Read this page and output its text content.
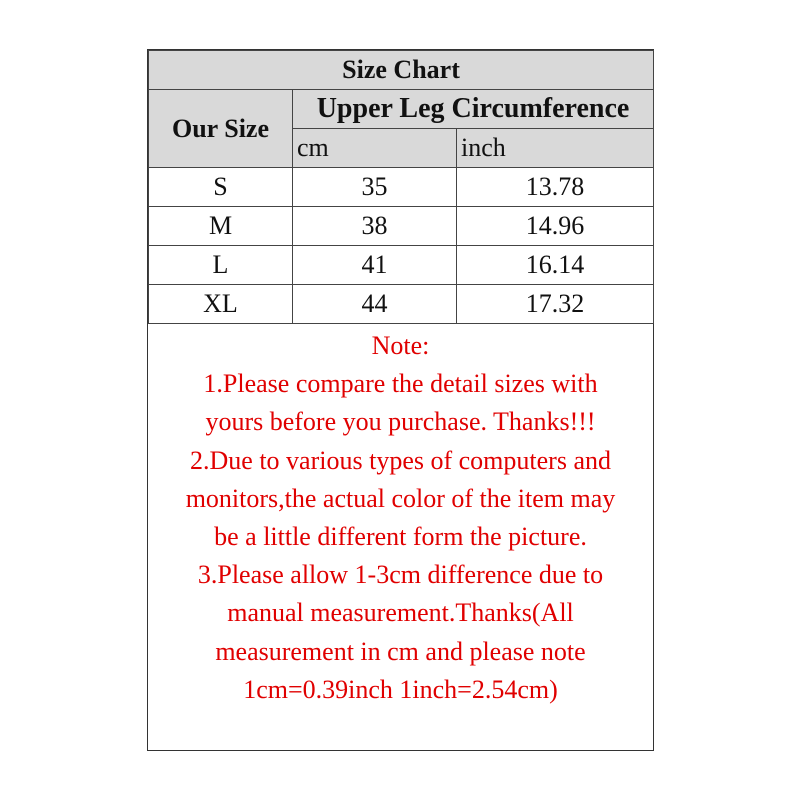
Size Chart		
Our Size	Upper Leg Circumference	
	cm	inch
S	35	13.78
M	38	14.96
L	41	16.14
XL	44	17.32
Note:
1.Please compare the detail sizes with
yours before you purchase. Thanks!!!
2.Due to various types of computers and
monitors,the actual color of the item may
be a little different form the picture.
3.Please allow 1-3cm difference due to
manual measurement.Thanks(All
measurement in cm and please note
1cm=0.39inch 1inch=2.54cm)
